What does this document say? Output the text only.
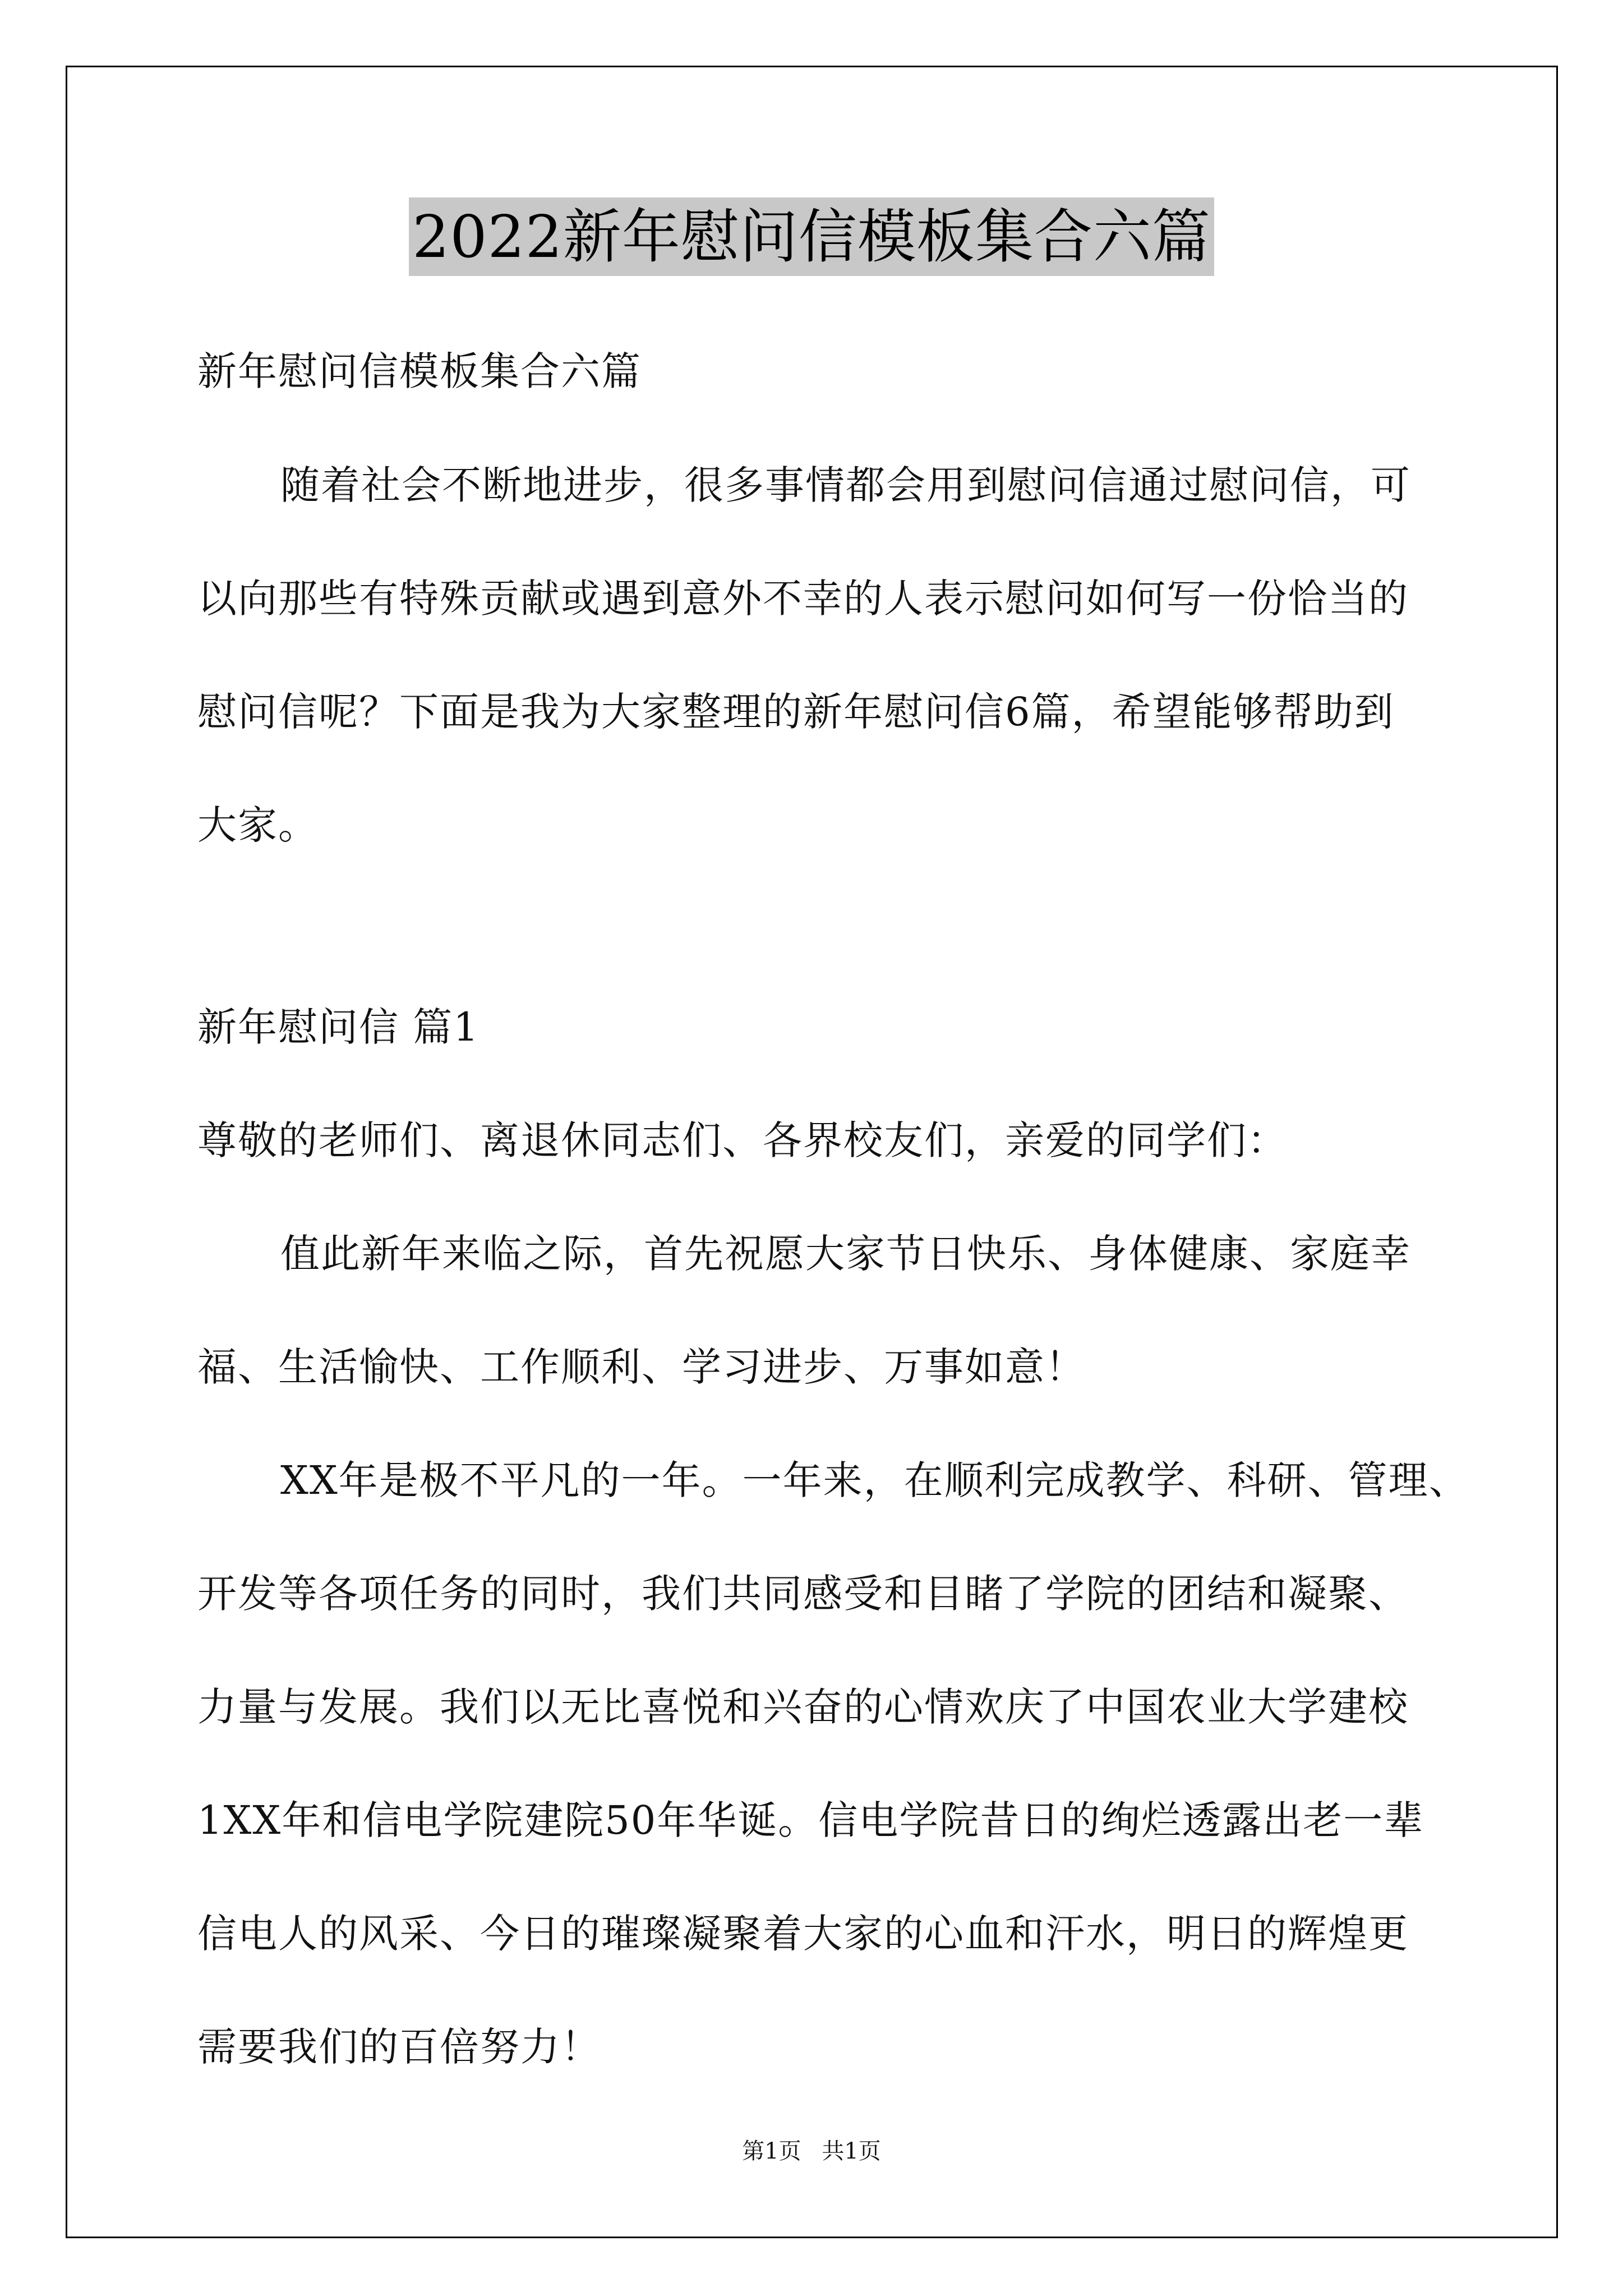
2022新年慰问信模板集合六篇
新年慰问信模板集合六篇
随着社会不断地进步，很多事情都会用到慰问信通过慰问信，可
以向那些有特殊贡献或遇到意外不幸的人表示慰问如何写一份恰当的
慰问信呢？下面是我为大家整理的新年慰问信6篇，希望能够帮助到
大家。
新年慰问信 篇1
尊敬的老师们、离退休同志们、各界校友们，亲爱的同学们：
值此新年来临之际，首先祝愿大家节日快乐、身体健康、家庭幸
福、生活愉快、工作顺利、学习进步、万事如意！
XX年是极不平凡的一年。一年来，在顺利完成教学、科研、管理、
开发等各项任务的同时，我们共同感受和目睹了学院的团结和凝聚、
力量与发展。我们以无比喜悦和兴奋的心情欢庆了中国农业大学建校
1XX年和信电学院建院50年华诞。信电学院昔日的绚烂透露出老一辈
信电人的风采、今日的璀璨凝聚着大家的心血和汗水，明日的辉煌更
需要我们的百倍努力！
第1页 共1页
